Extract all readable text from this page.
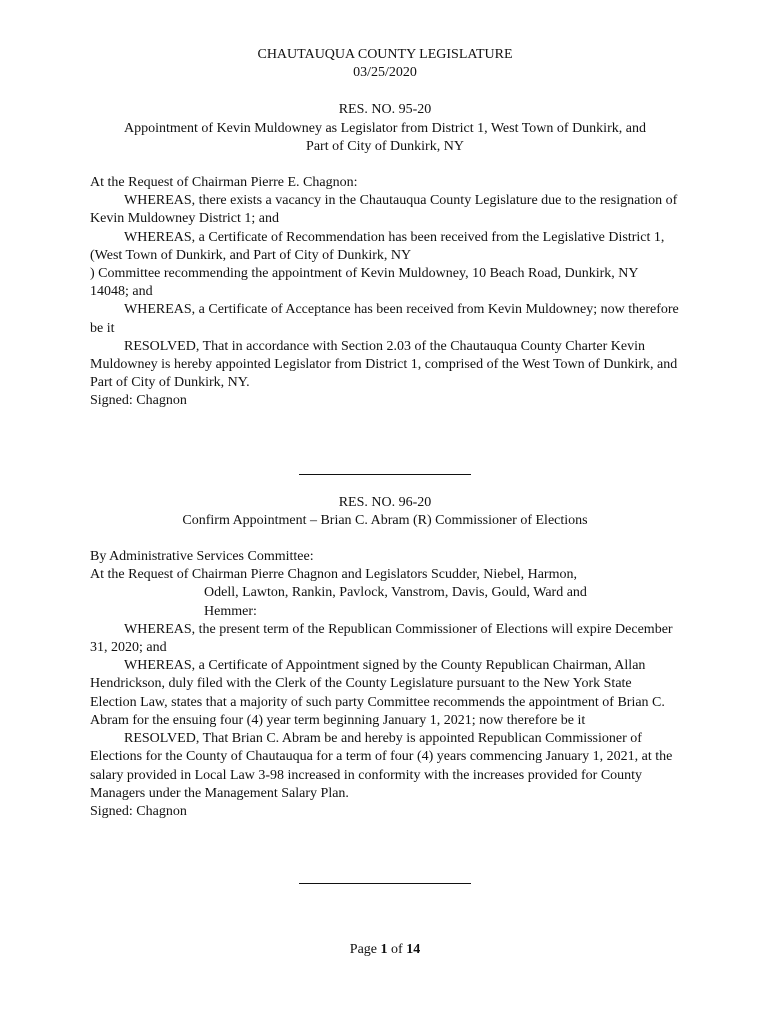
CHAUTAUQUA COUNTY LEGISLATURE

03/25/2020

RES. NO. 95-20

Appointment of Kevin Muldowney as Legislator from District 1, West Town of Dunkirk, and

Part of City of Dunkirk, NY

At the Request of Chairman Pierre E. Chagnon:

WHEREAS, there exists a vacancy in the Chautauqua County Legislature due to the resignation of Kevin Muldowney District 1; and

WHEREAS, a Certificate of Recommendation has been received from the Legislative District 1, (West Town of Dunkirk, and Part of City of Dunkirk, NY

) Committee recommending the appointment of Kevin Muldowney, 10 Beach Road, Dunkirk, NY 14048; and

WHEREAS, a Certificate of Acceptance has been received from Kevin Muldowney; now therefore be it

RESOLVED, That in accordance with Section 2.03 of the Chautauqua County Charter Kevin Muldowney is hereby appointed Legislator from District 1, comprised of the West Town of Dunkirk, and Part of City of Dunkirk, NY.

Signed: Chagnon

RES. NO. 96-20

Confirm Appointment – Brian C. Abram (R) Commissioner of Elections

By Administrative Services Committee:

At the Request of Chairman Pierre Chagnon and Legislators Scudder, Niebel, Harmon,

Odell, Lawton, Rankin, Pavlock, Vanstrom, Davis, Gould, Ward and

Hemmer:

WHEREAS, the present term of the Republican Commissioner of Elections will expire December 31, 2020; and

WHEREAS, a Certificate of Appointment signed by the County Republican Chairman, Allan Hendrickson, duly filed with the Clerk of the County Legislature pursuant to the New York State Election Law, states that a majority of such party Committee recommends the appointment of Brian C. Abram for the ensuing four (4) year term beginning January 1, 2021; now therefore be it

RESOLVED, That Brian C. Abram be and hereby is appointed Republican Commissioner of Elections for the County of Chautauqua for a term of four (4) years commencing January 1, 2021, at the salary provided in Local Law 3-98 increased in conformity with the increases provided for County Managers under the Management Salary Plan.

Signed: Chagnon

Page 1 of 14
